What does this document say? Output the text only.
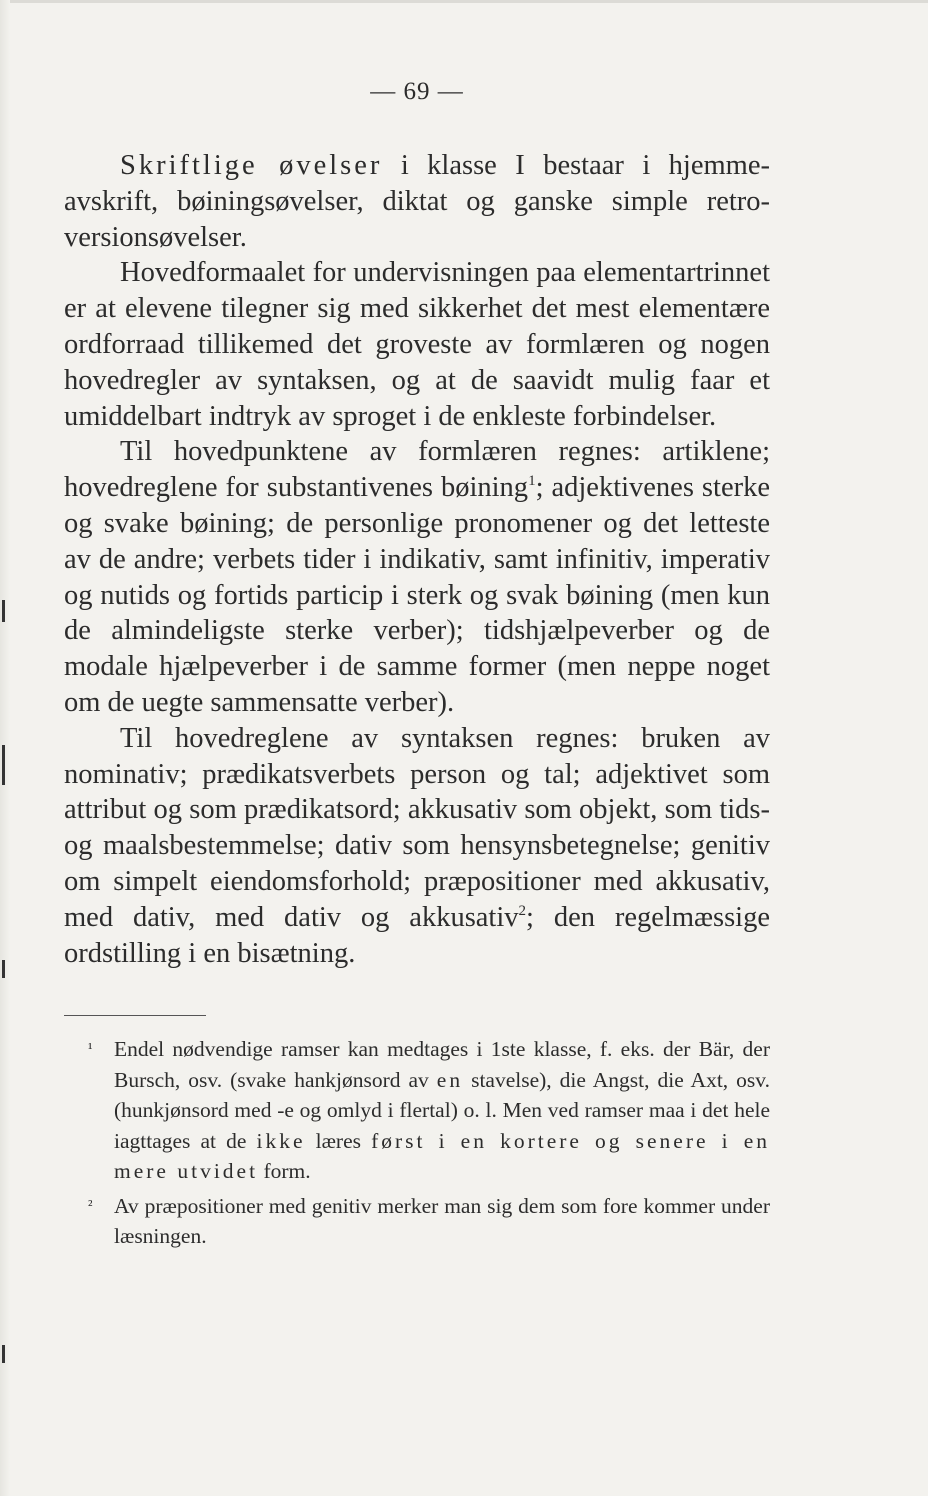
— 69 —

Skriftlige øvelser i klasse I bestaar i hjemmeavskrift, bøiningsøvelser, diktat og ganske simple retroversionsøvelser.

Hovedformaalet for undervisningen paa elementartrinnet er at elevene tilegner sig med sikkerhet det mest elementære ordforraad tillikemed det groveste av formlæren og nogen hovedregler av syntaksen, og at de saavidt mulig faar et umiddelbart indtryk av sproget i de enkleste forbindelser.

Til hovedpunktene av formlæren regnes: artiklene; hovedreglene for substantivenes bøining$^1$; adjektivenes sterke og svake bøining; de personlige pronomener og det letteste av de andre; verbets tider i indikativ, samt infinitiv, imperativ og nutids og fortids particip i sterk og svak bøining (men kun de almindeligste sterke verber); tidshjælpeverber og de modale hjælpeverber i de samme former (men neppe noget om de uegte sammensatte verber).

Til hovedreglene av syntaksen regnes: bruken av nominativ; prædikatsverbets person og tal; adjektivet som attribut og som prædikatsord; akkusativ som objekt, som tids- og maalsbestemmelse; dativ som hensynsbetegnelse; genitiv om simpelt eiendomsforhold; præpositioner med akkusativ, med dativ, med dativ og akkusativ$^2$; den regelmæssige ordstilling i en bisætning.

¹ Endel nødvendige ramser kan medtages i 1ste klasse, f. eks. der Bär, der Bursch, osv. (svake hankjønsord av en stavelse), die Angst, die Axt, osv. (hunkjønsord med -e og omlyd i flertal) o. l. Men ved ramser maa i det hele iagttages at de ikke læres først i en kortere og senere i en mere utvidet form.

² Av præpositioner med genitiv merker man sig dem som fore kommer under læsningen.
